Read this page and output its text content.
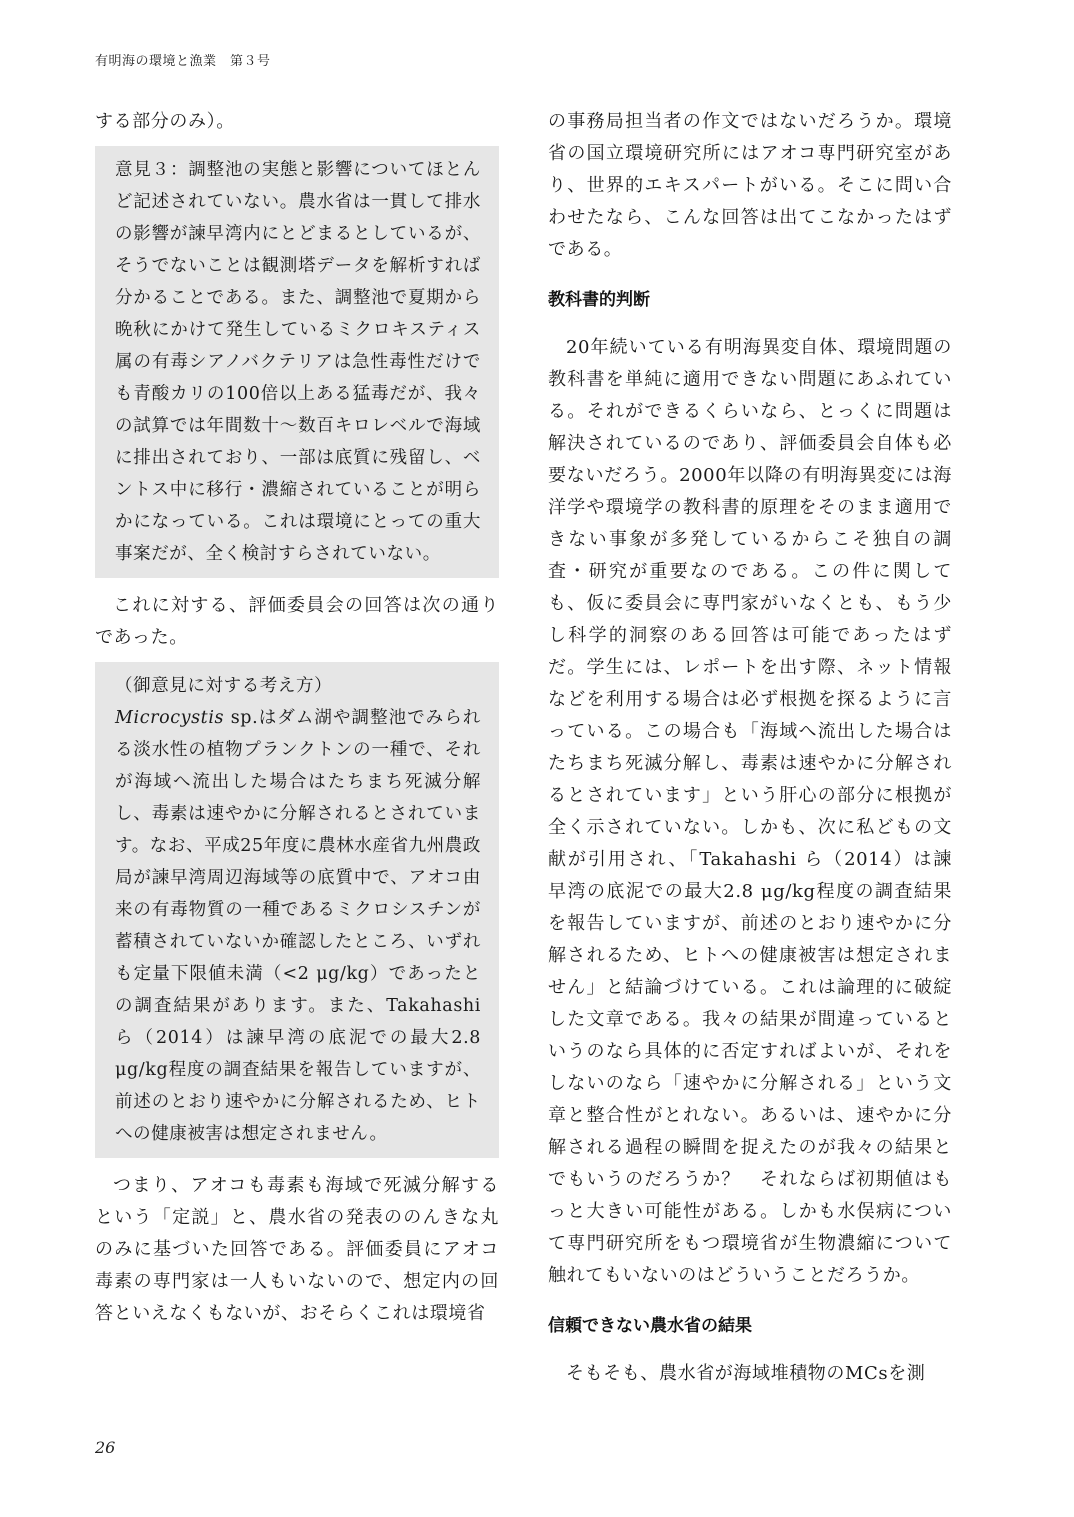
有明海の環境と漁業　第３号

する部分のみ）。

意見３：調整池の実態と影響についてほとんど記述されていない。農水省は一貫して排水の影響が諫早湾内にとどまるとしているが、そうでないことは観測塔データを解析すれば分かることである。また、調整池で夏期から晩秋にかけて発生しているミクロキスティス属の有毒シアノバクテリアは急性毒性だけでも青酸カリの100倍以上ある猛毒だが、我々の試算では年間数十～数百キロレベルで海域に排出されており、一部は底質に残留し、ベントス中に移行・濃縮されていることが明らかになっている。これは環境にとっての重大事案だが、全く検討すらされていない。

これに対する、評価委員会の回答は次の通りであった。

（御意見に対する考え方）

Microcystis sp.はダム湖や調整池でみられる淡水性の植物プランクトンの一種で、それが海域へ流出した場合はたちまち死滅分解し、毒素は速やかに分解されるとされています。なお、平成25年度に農林水産省九州農政局が諫早湾周辺海域等の底質中で、アオコ由来の有毒物質の一種であるミクロシスチンが蓄積されていないか確認したところ、いずれも定量下限値未満（<2 μg/kg）であったとの調査結果があります。また、Takahashi ら（2014）は諫早湾の底泥での最大2.8 μg/kg程度の調査結果を報告していますが、前述のとおり速やかに分解されるため、ヒトへの健康被害は想定されません。

つまり、アオコも毒素も海域で死滅分解するという「定説」と、農水省の発表ののんきな丸のみに基づいた回答である。評価委員にアオコ毒素の専門家は一人もいないので、想定内の回答といえなくもないが、おそらくこれは環境省

の事務局担当者の作文ではないだろうか。環境省の国立環境研究所にはアオコ専門研究室があり、世界的エキスパートがいる。そこに問い合わせたなら、こんな回答は出てこなかったはずである。

教科書的判断

20年続いている有明海異変自体、環境問題の教科書を単純に適用できない問題にあふれている。それができるくらいなら、とっくに問題は解決されているのであり、評価委員会自体も必要ないだろう。2000年以降の有明海異変には海洋学や環境学の教科書的原理をそのまま適用できない事象が多発しているからこそ独自の調査・研究が重要なのである。この件に関しても、仮に委員会に専門家がいなくとも、もう少し科学的洞察のある回答は可能であったはずだ。学生には、レポートを出す際、ネット情報などを利用する場合は必ず根拠を探るように言っている。この場合も「海域へ流出した場合はたちまち死滅分解し、毒素は速やかに分解されるとされています」という肝心の部分に根拠が全く示されていない。しかも、次に私どもの文献が引用され、「Takahashi ら（2014）は諫早湾の底泥での最大2.8 μg/kg程度の調査結果を報告していますが、前述のとおり速やかに分解されるため、ヒトへの健康被害は想定されません」と結論づけている。これは論理的に破綻した文章である。我々の結果が間違っているというのなら具体的に否定すればよいが、それをしないのなら「速やかに分解される」という文章と整合性がとれない。あるいは、速やかに分解される過程の瞬間を捉えたのが我々の結果とでもいうのだろうか？　それならば初期値はもっと大きい可能性がある。しかも水俣病について専門研究所をもつ環境省が生物濃縮について触れてもいないのはどういうことだろうか。

信頼できない農水省の結果

そもそも、農水省が海域堆積物のMCsを測

26
